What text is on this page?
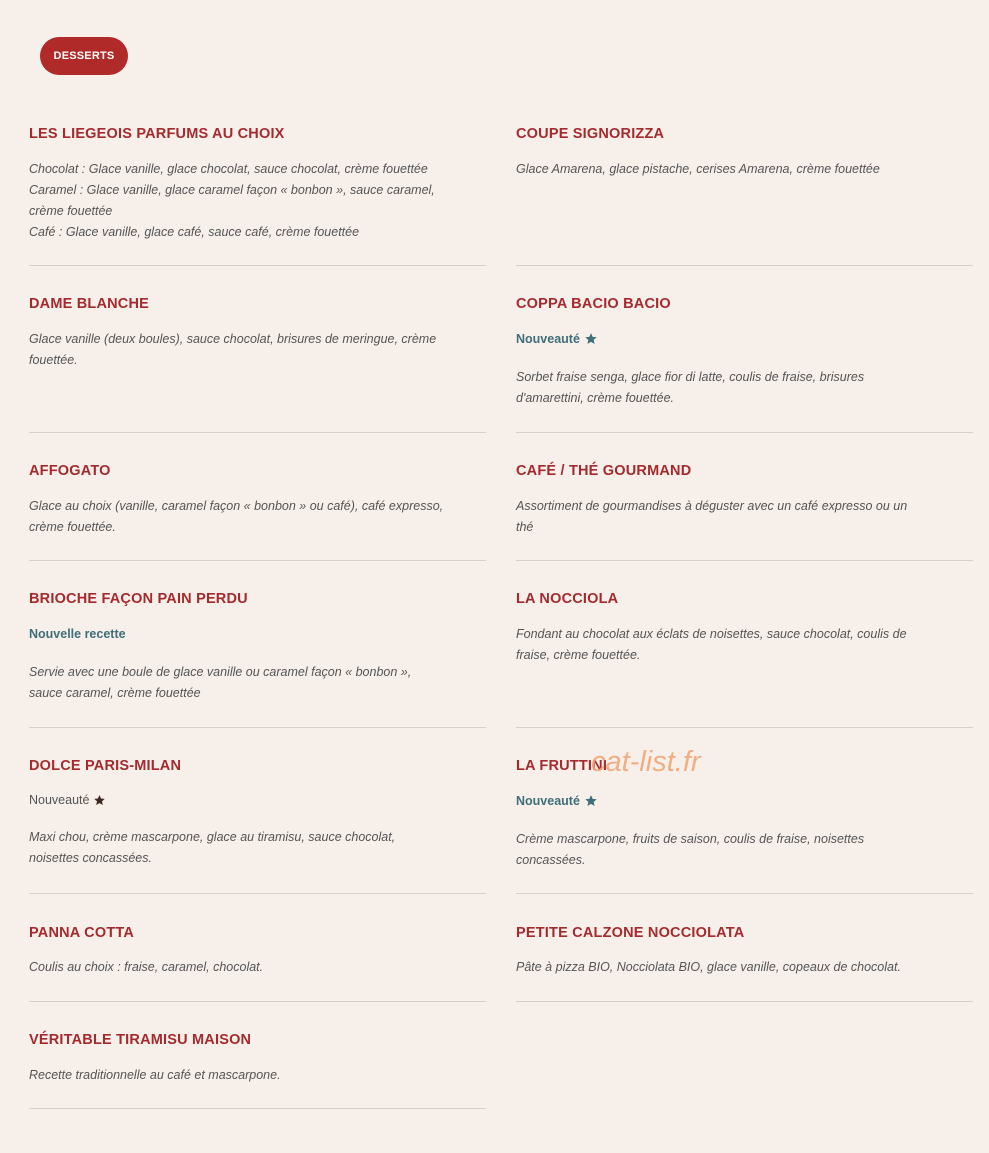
DESSERTS
LES LIEGEOIS PARFUMS AU CHOIX
Chocolat : Glace vanille, glace chocolat, sauce chocolat, crème fouettée
Caramel : Glace vanille, glace caramel façon « bonbon », sauce caramel,
crème fouettée
Café : Glace vanille, glace café, sauce café, crème fouettée
COUPE SIGNORIZZA
Glace Amarena, glace pistache, cerises Amarena, crème fouettée
DAME BLANCHE
Glace vanille (deux boules), sauce chocolat, brisures de meringue, crème
fouettée.
COPPA BACIO BACIO
Nouveauté
Sorbet fraise senga, glace fior di latte, coulis de fraise, brisures
d'amarettini, crème fouettée.
AFFOGATO
Glace au choix (vanille, caramel façon « bonbon » ou café), café expresso,
crème fouettée.
CAFÉ / THÉ GOURMAND
Assortiment de gourmandises à déguster avec un café expresso ou un
thé
BRIOCHE FAÇON PAIN PERDU
Nouvelle recette
Servie avec une boule de glace vanille ou caramel façon « bonbon »,
sauce caramel, crème fouettée
LA NOCCIOLA
Fondant au chocolat aux éclats de noisettes, sauce chocolat, coulis de
fraise, crème fouettée.
DOLCE PARIS-MILAN
Nouveauté
Maxi chou, crème mascarpone, glace au tiramisu, sauce chocolat,
noisettes concassées.
LA FRUTTINI
Nouveauté
Crème mascarpone, fruits de saison, coulis de fraise, noisettes
concassées.
PANNA COTTA
Coulis au choix : fraise, caramel, chocolat.
PETITE CALZONE NOCCIOLATA
Pâte à pizza BIO, Nocciolata BIO, glace vanille, copeaux de chocolat.
VÉRITABLE TIRAMISU MAISON
Recette traditionnelle au café et mascarpone.
cat-list.fr
